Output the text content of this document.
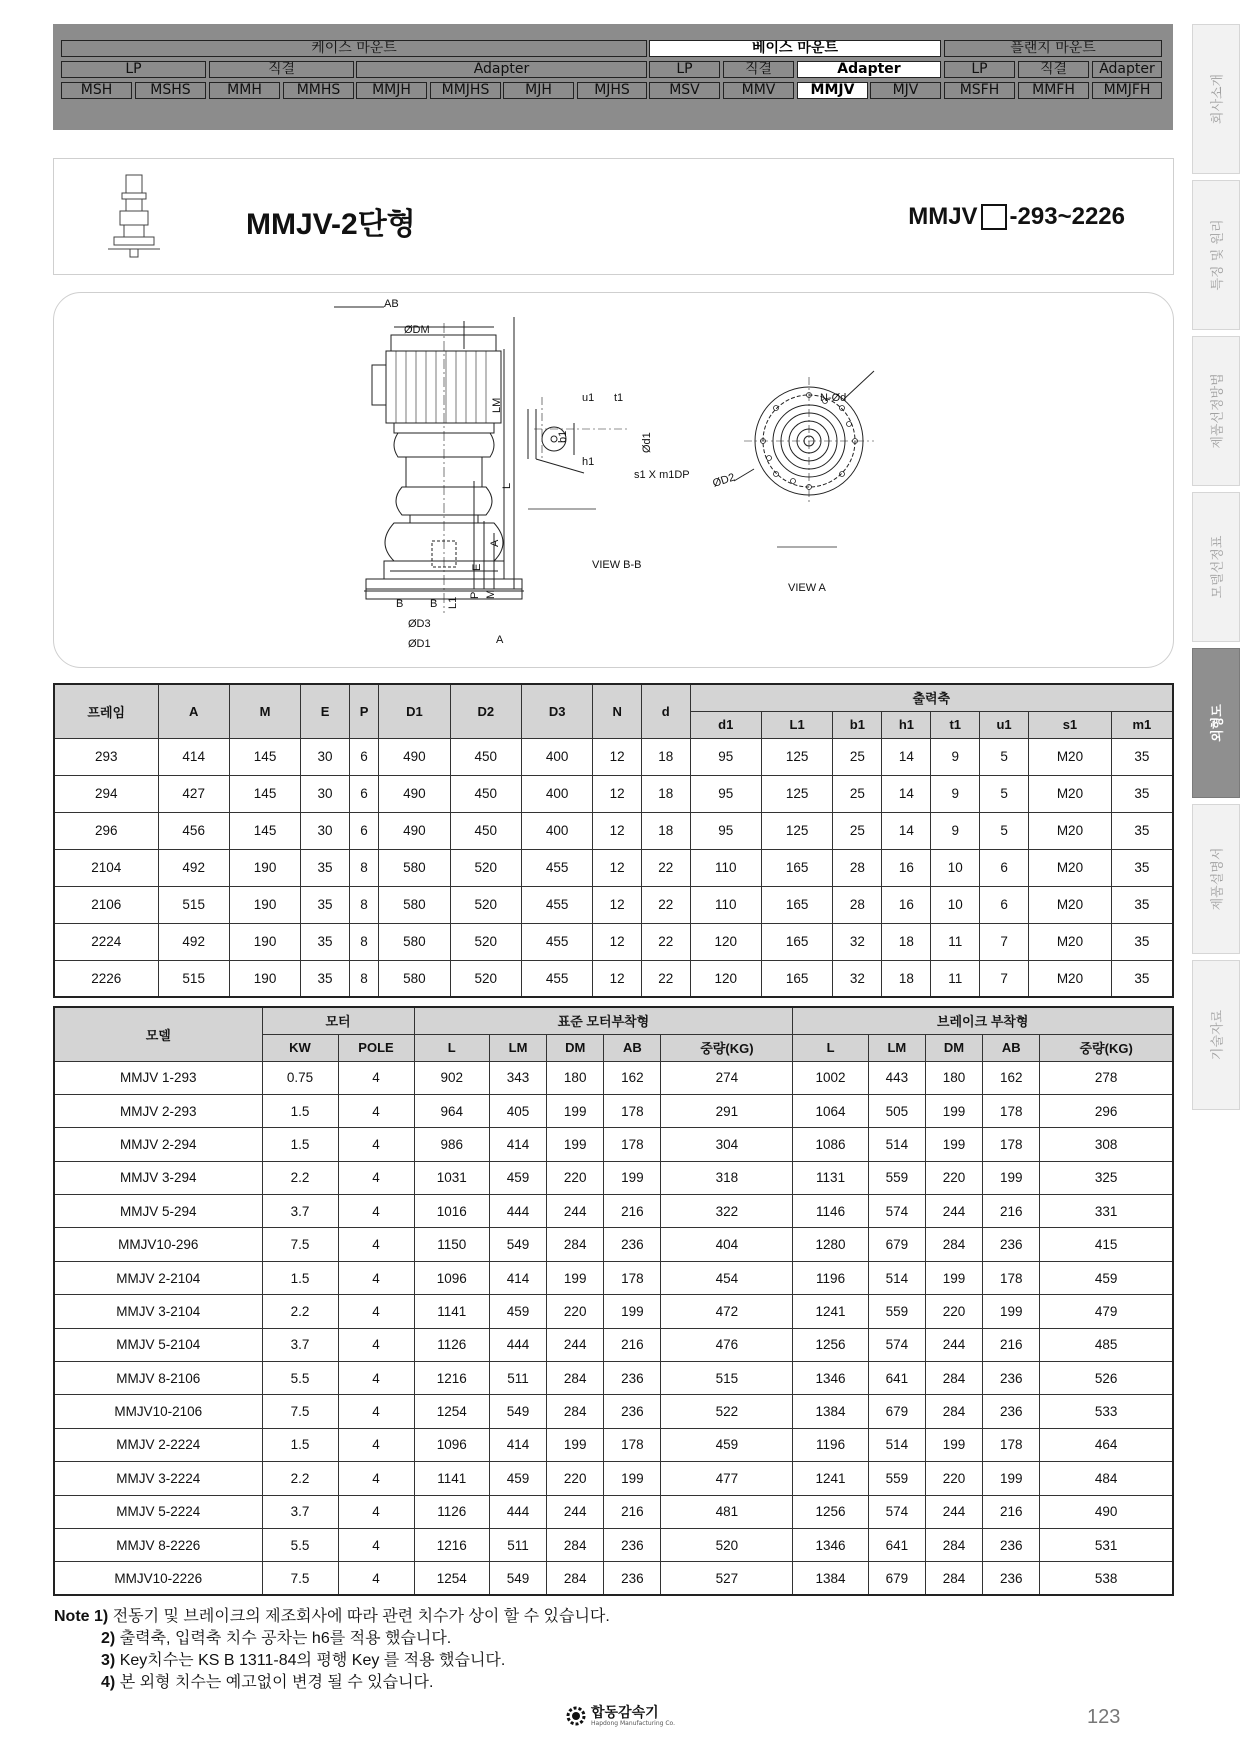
케이스 마운트	베이스 마운트	플랜지 마운트
LP	직결	Adapter	LP	직결	Adapter	LP	직결	Adapter
MSH	MSHS	MMH	MMHS	MMJH	MMJHS	MJH	MJHS	MSV	MMV	MMJV	MJV	MSFH	MMFH	MMJFH	회사소개
특징 및 원리
제품선정방법
모델선정표
외형도
제품설명서
기술자료
MMJV-2단형	MMJV -293~2226
AB
ØDM
LM
L
A
E
P M
B B L1
ØD3
ØD1	A
u1 t1
b1
h1
Ød1
s1 X m1DP
VIEW B-B
N-Ød
ØD2
VIEW A
프레임	A	M	E	P	D1	D2	D3	N	d	출력축							
										d1	L1	b1	h1	t1	u1	s1	m1
293	414	145	30	6	490	450	400	12	18	95	125	25	14	9	5	M20	35
294	427	145	30	6	490	450	400	12	18	95	125	25	14	9	5	M20	35
296	456	145	30	6	490	450	400	12	18	95	125	25	14	9	5	M20	35
2104	492	190	35	8	580	520	455	12	22	110	165	28	16	10	6	M20	35
2106	515	190	35	8	580	520	455	12	22	110	165	28	16	10	6	M20	35
2224	492	190	35	8	580	520	455	12	22	120	165	32	18	11	7	M20	35
2226	515	190	35	8	580	520	455	12	22	120	165	32	18	11	7	M20	35
모델	모터		표준 모터부착형					브레이크 부착형				
	KW	POLE	L	LM	DM	AB	중량(KG)	L	LM	DM	AB	중량(KG)
MMJV 1-293	0.75	4	902	343	180	162	274	1002	443	180	162	278
MMJV 2-293	1.5	4	964	405	199	178	291	1064	505	199	178	296
MMJV 2-294	1.5	4	986	414	199	178	304	1086	514	199	178	308
MMJV 3-294	2.2	4	1031	459	220	199	318	1131	559	220	199	325
MMJV 5-294	3.7	4	1016	444	244	216	322	1146	574	244	216	331
MMJV10-296	7.5	4	1150	549	284	236	404	1280	679	284	236	415
MMJV 2-2104	1.5	4	1096	414	199	178	454	1196	514	199	178	459
MMJV 3-2104	2.2	4	1141	459	220	199	472	1241	559	220	199	479
MMJV 5-2104	3.7	4	1126	444	244	216	476	1256	574	244	216	485
MMJV 8-2106	5.5	4	1216	511	284	236	515	1346	641	284	236	526
MMJV10-2106	7.5	4	1254	549	284	236	522	1384	679	284	236	533
MMJV 2-2224	1.5	4	1096	414	199	178	459	1196	514	199	178	464
MMJV 3-2224	2.2	4	1141	459	220	199	477	1241	559	220	199	484
MMJV 5-2224	3.7	4	1126	444	244	216	481	1256	574	244	216	490
MMJV 8-2226	5.5	4	1216	511	284	236	520	1346	641	284	236	531
MMJV10-2226	7.5	4	1254	549	284	236	527	1384	679	284	236	538
Note 1) 전동기 및 브레이크의 제조회사에 따라 관련 치수가 상이 할 수 있습니다.
2) 출력축, 입력축 치수 공차는 h6를 적용 했습니다.
3) Key치수는 KS B 1311-84의 평행 Key 를 적용 했습니다.
4) 본 외형 치수는 예고없이 변경 될 수 있습니다.
합동감속기
Hapdong Manufacturing Co.	123
